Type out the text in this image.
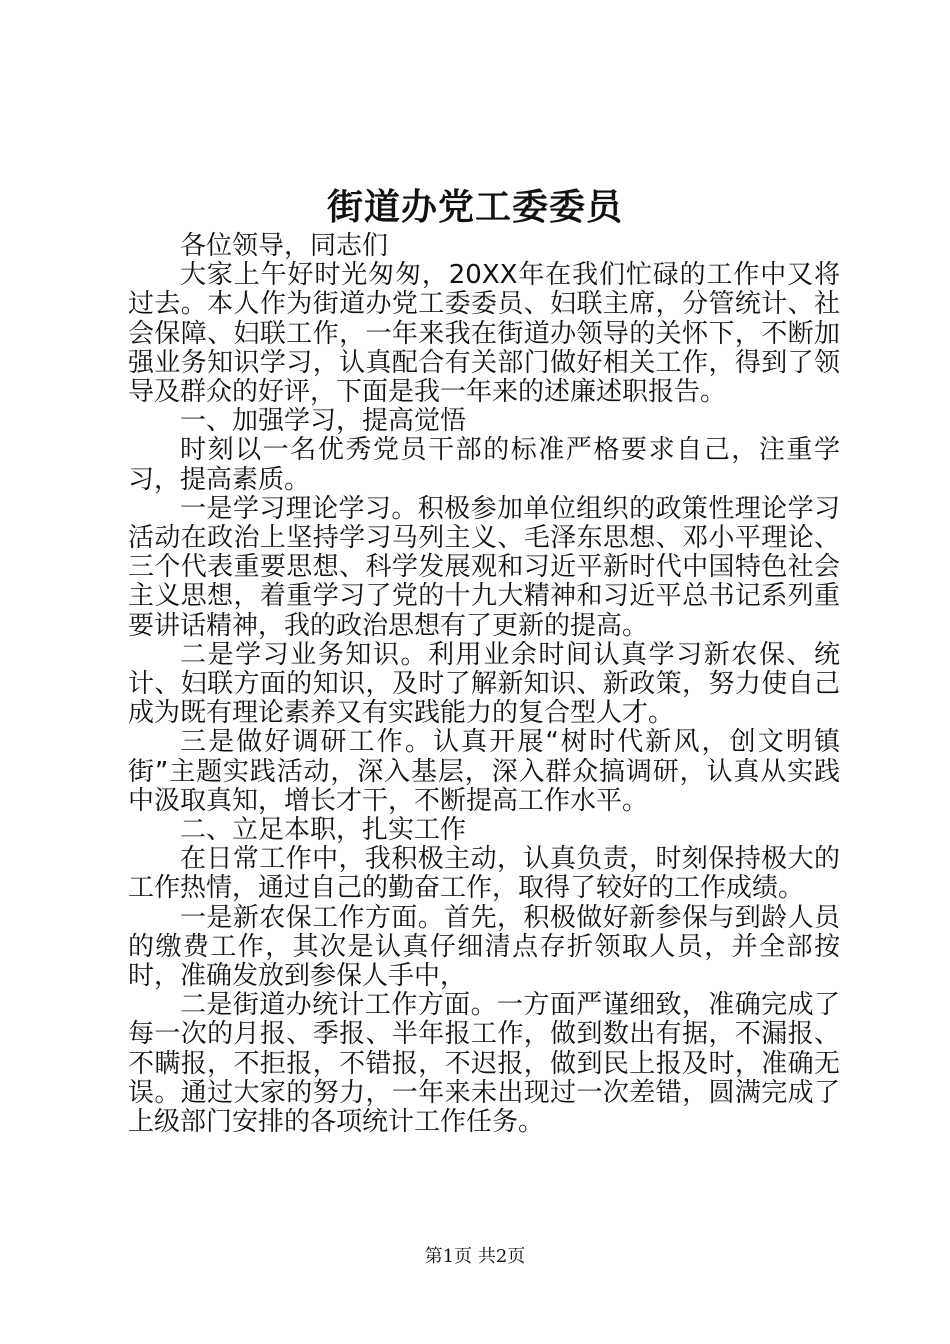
街道办党工委委员

各位领导，同志们

大家上午好时光匆匆，20XX年在我们忙碌的工作中又将过去。本人作为街道办党工委委员、妇联主席，分管统计、社会保障、妇联工作，一年来我在街道办领导的关怀下，不断加强业务知识学习，认真配合有关部门做好相关工作，得到了领导及群众的好评，下面是我一年来的述廉述职报告。

一、加强学习，提高觉悟

时刻以一名优秀党员干部的标准严格要求自己，注重学习，提高素质。

一是学习理论学习。积极参加单位组织的政策性理论学习活动在政治上坚持学习马列主义、毛泽东思想、邓小平理论、三个代表重要思想、科学发展观和习近平新时代中国特色社会主义思想，着重学习了党的十九大精神和习近平总书记系列重要讲话精神，我的政治思想有了更新的提高。

二是学习业务知识。利用业余时间认真学习新农保、统计、妇联方面的知识，及时了解新知识、新政策，努力使自己成为既有理论素养又有实践能力的复合型人才。

三是做好调研工作。认真开展“树时代新风，创文明镇街”主题实践活动，深入基层，深入群众搞调研，认真从实践中汲取真知，增长才干，不断提高工作水平。

二、立足本职，扎实工作

在日常工作中，我积极主动，认真负责，时刻保持极大的工作热情，通过自己的勤奋工作，取得了较好的工作成绩。

一是新农保工作方面。首先，积极做好新参保与到龄人员的缴费工作，其次是认真仔细清点存折领取人员，并全部按时，准确发放到参保人手中，

二是街道办统计工作方面。一方面严谨细致，准确完成了每一次的月报、季报、半年报工作，做到数出有据，不漏报、不瞒报，不拒报，不错报，不迟报，做到民上报及时，准确无误。通过大家的努力，一年来未出现过一次差错，圆满完成了上级部门安排的各项统计工作任务。

第1页 共2页
